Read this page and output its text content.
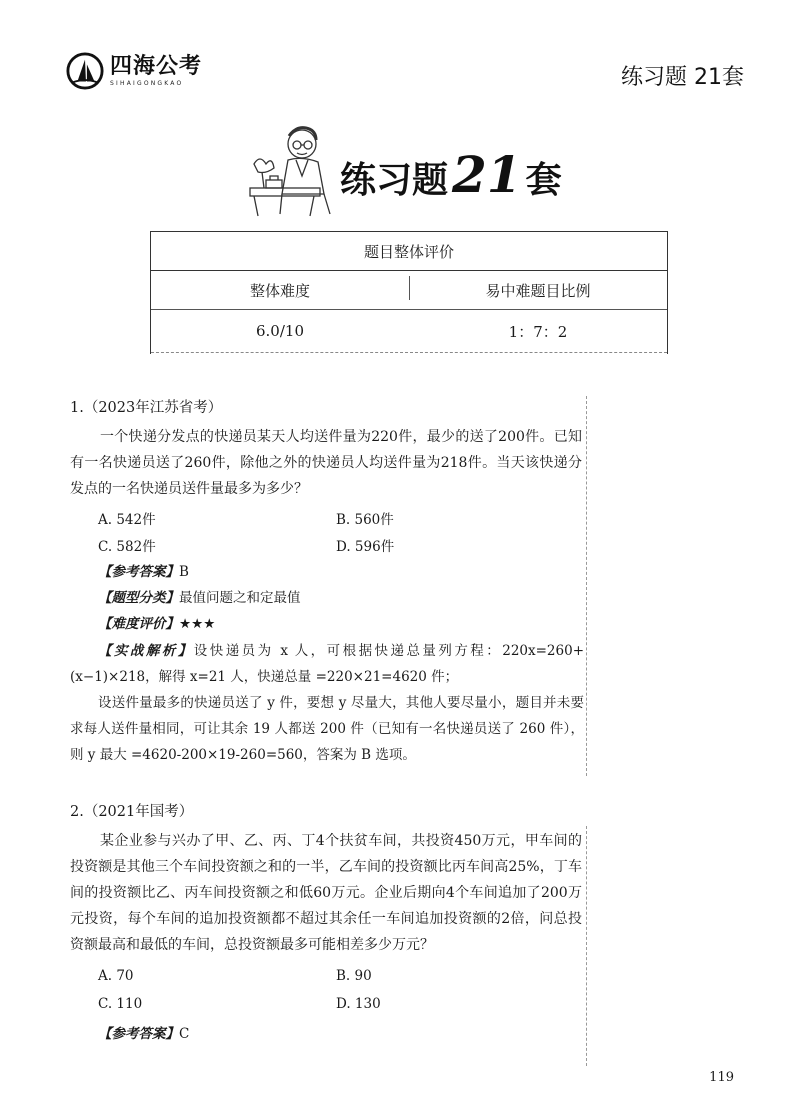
四海公考
SIHAIGONGKAO	练习题 21套
练习题 21 套
题目整体评价
整体难度	易中难题目比例
6.0/10	1：7：2
1.（2023年江苏省考）
一个快递分发点的快递员某天人均送件量为220件，最少的送了200件。已知有一名快递员送了260件，除他之外的快递员人均送件量为218件。当天该快递分发点的一名快递员送件量最多为多少？
A. 542件	B. 560件
C. 582件	D. 596件
【参考答案】B
【题型分类】最值问题之和定最值
【难度评价】★★★
【实战解析】设快递员为 x 人，可根据快递总量列方程：220x=260+(x−1)×218，解得 x=21 人，快递总量 =220×21=4620 件；
设送件量最多的快递员送了 y 件，要想 y 尽量大，其他人要尽量小，题目并未要求每人送件量相同，可让其余 19 人都送 200 件（已知有一名快递员送了 260 件），则 y 最大 =4620-200×19-260=560，答案为 B 选项。
2.（2021年国考）
某企业参与兴办了甲、乙、丙、丁4个扶贫车间，共投资450万元，甲车间的投资额是其他三个车间投资额之和的一半，乙车间的投资额比丙车间高25%，丁车间的投资额比乙、丙车间投资额之和低60万元。企业后期向4个车间追加了200万元投资，每个车间的追加投资额都不超过其余任一车间追加投资额的2倍，问总投资额最高和最低的车间，总投资额最多可能相差多少万元？
A. 70	B. 90
C. 110	D. 130
【参考答案】C
119
